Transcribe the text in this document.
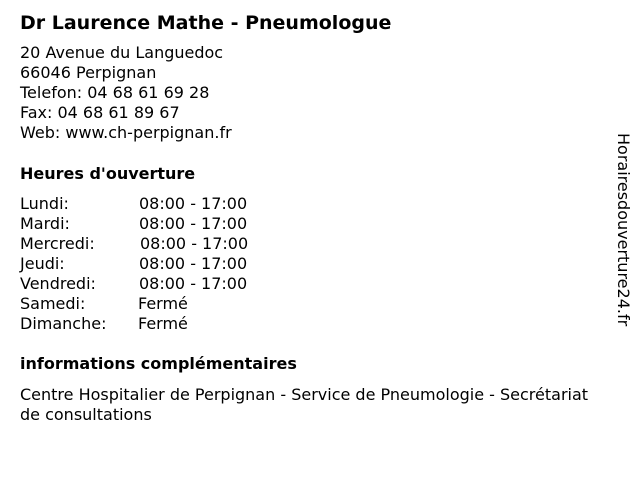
Dr Laurence Mathe - Pneumologue
20 Avenue du Languedoc
66046 Perpignan
Telefon: 04 68 61 69 28
Fax: 04 68 61 89 67
Web: www.ch-perpignan.fr
Heures d'ouverture
Lundi:	08:00 - 17:00
Mardi:	08:00 - 17:00
Mercredi:	08:00 - 17:00
Jeudi:	08:00 - 17:00
Vendredi:	08:00 - 17:00
Samedi:	Fermé
Dimanche: Fermé
informations complémentaires
Centre Hospitalier de Perpignan - Service de Pneumologie - Secrétariat de consultations
Horairesdouverture24.fr
